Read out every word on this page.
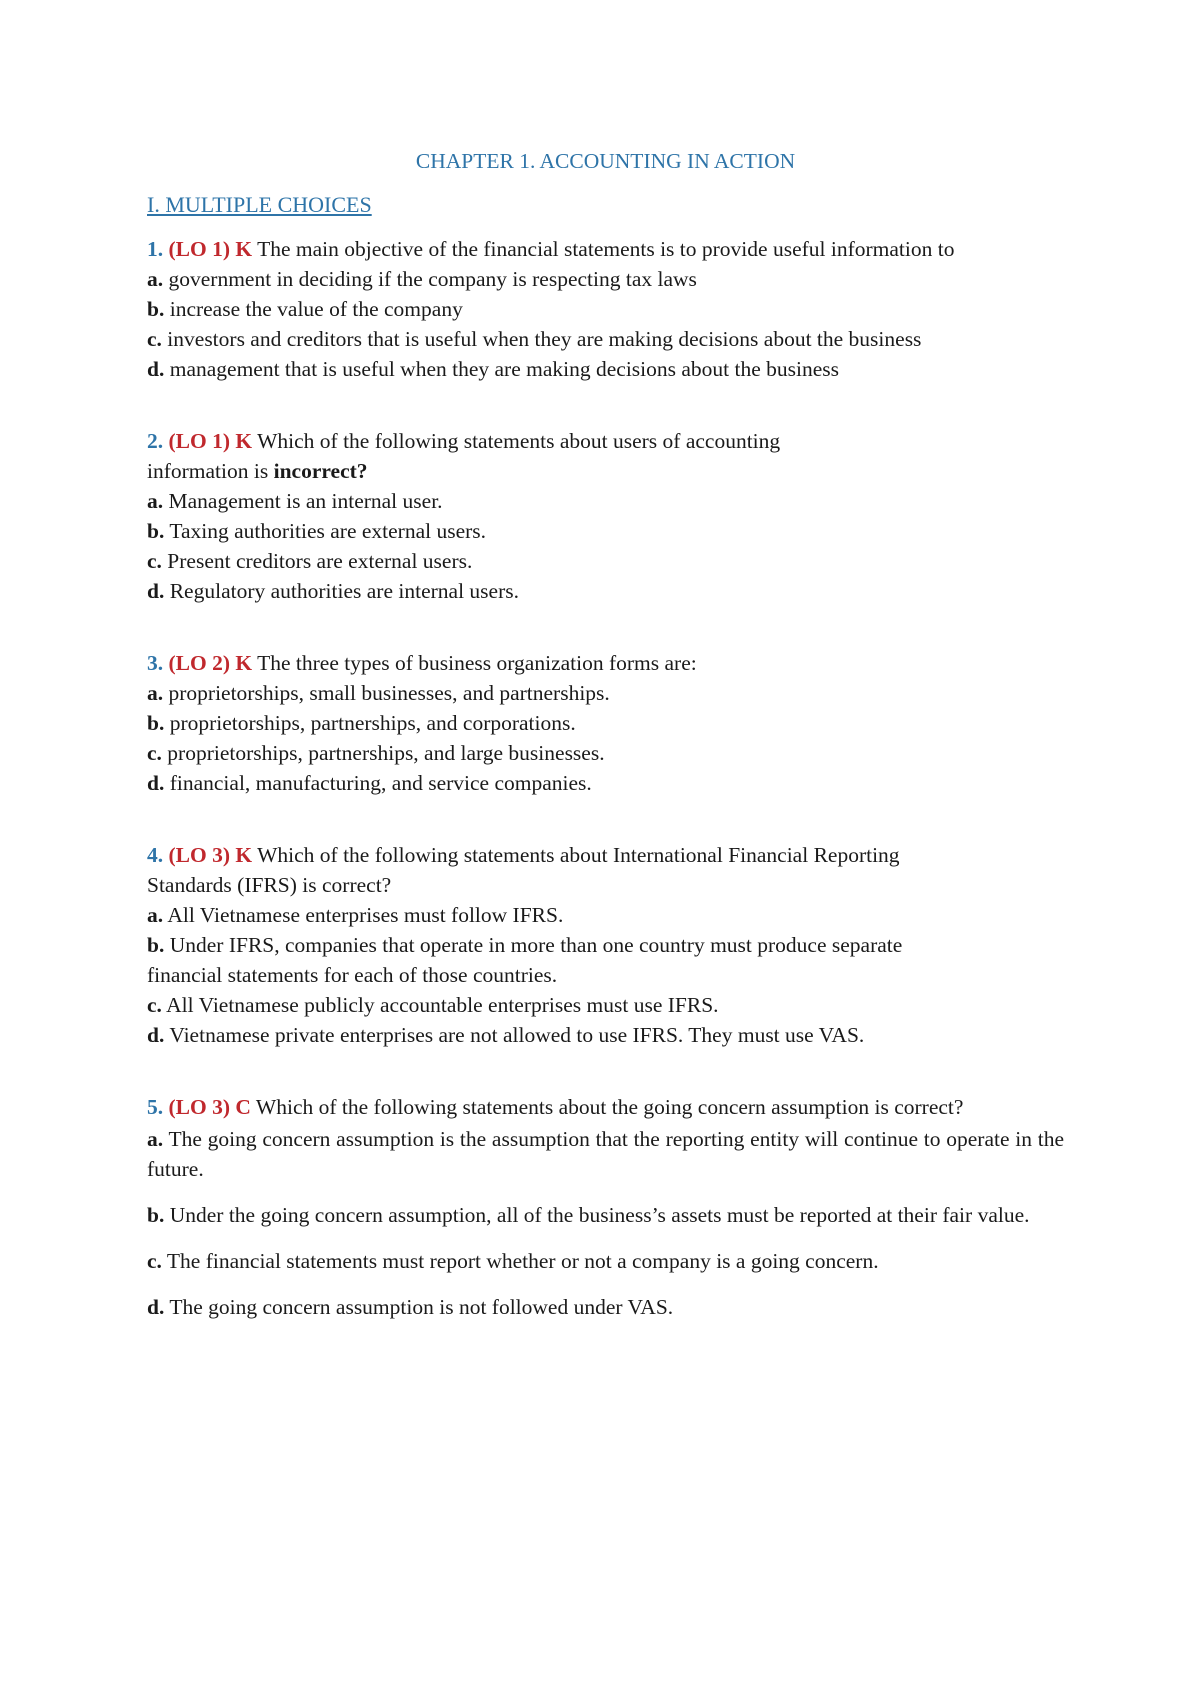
CHAPTER 1. ACCOUNTING IN ACTION
I. MULTIPLE CHOICES

1. (LO 1) K The main objective of the financial statements is to provide useful information to

a. government in deciding if the company is respecting tax laws

b. increase the value of the company

c. investors and creditors that is useful when they are making decisions about the business

d. management that is useful when they are making decisions about the business

2. (LO 1) K Which of the following statements about users of accounting
information is incorrect?

a. Management is an internal user.

b. Taxing authorities are external users.

c. Present creditors are external users.

d. Regulatory authorities are internal users.

3. (LO 2) K The three types of business organization forms are:

a. proprietorships, small businesses, and partnerships.

b. proprietorships, partnerships, and corporations.

c. proprietorships, partnerships, and large businesses.

d. financial, manufacturing, and service companies.

4. (LO 3) K Which of the following statements about International Financial Reporting
Standards (IFRS) is correct?

a. All Vietnamese enterprises must follow IFRS.

b. Under IFRS, companies that operate in more than one country must produce separate
financial statements for each of those countries.

c. All Vietnamese publicly accountable enterprises must use IFRS.

d. Vietnamese private enterprises are not allowed to use IFRS. They must use VAS.

5. (LO 3) C Which of the following statements about the going concern assumption is correct?

a. The going concern assumption is the assumption that the reporting entity will continue to operate in the future.

b. Under the going concern assumption, all of the business’s assets must be reported at their fair value.

c. The financial statements must report whether or not a company is a going concern.

d. The going concern assumption is not followed under VAS.
